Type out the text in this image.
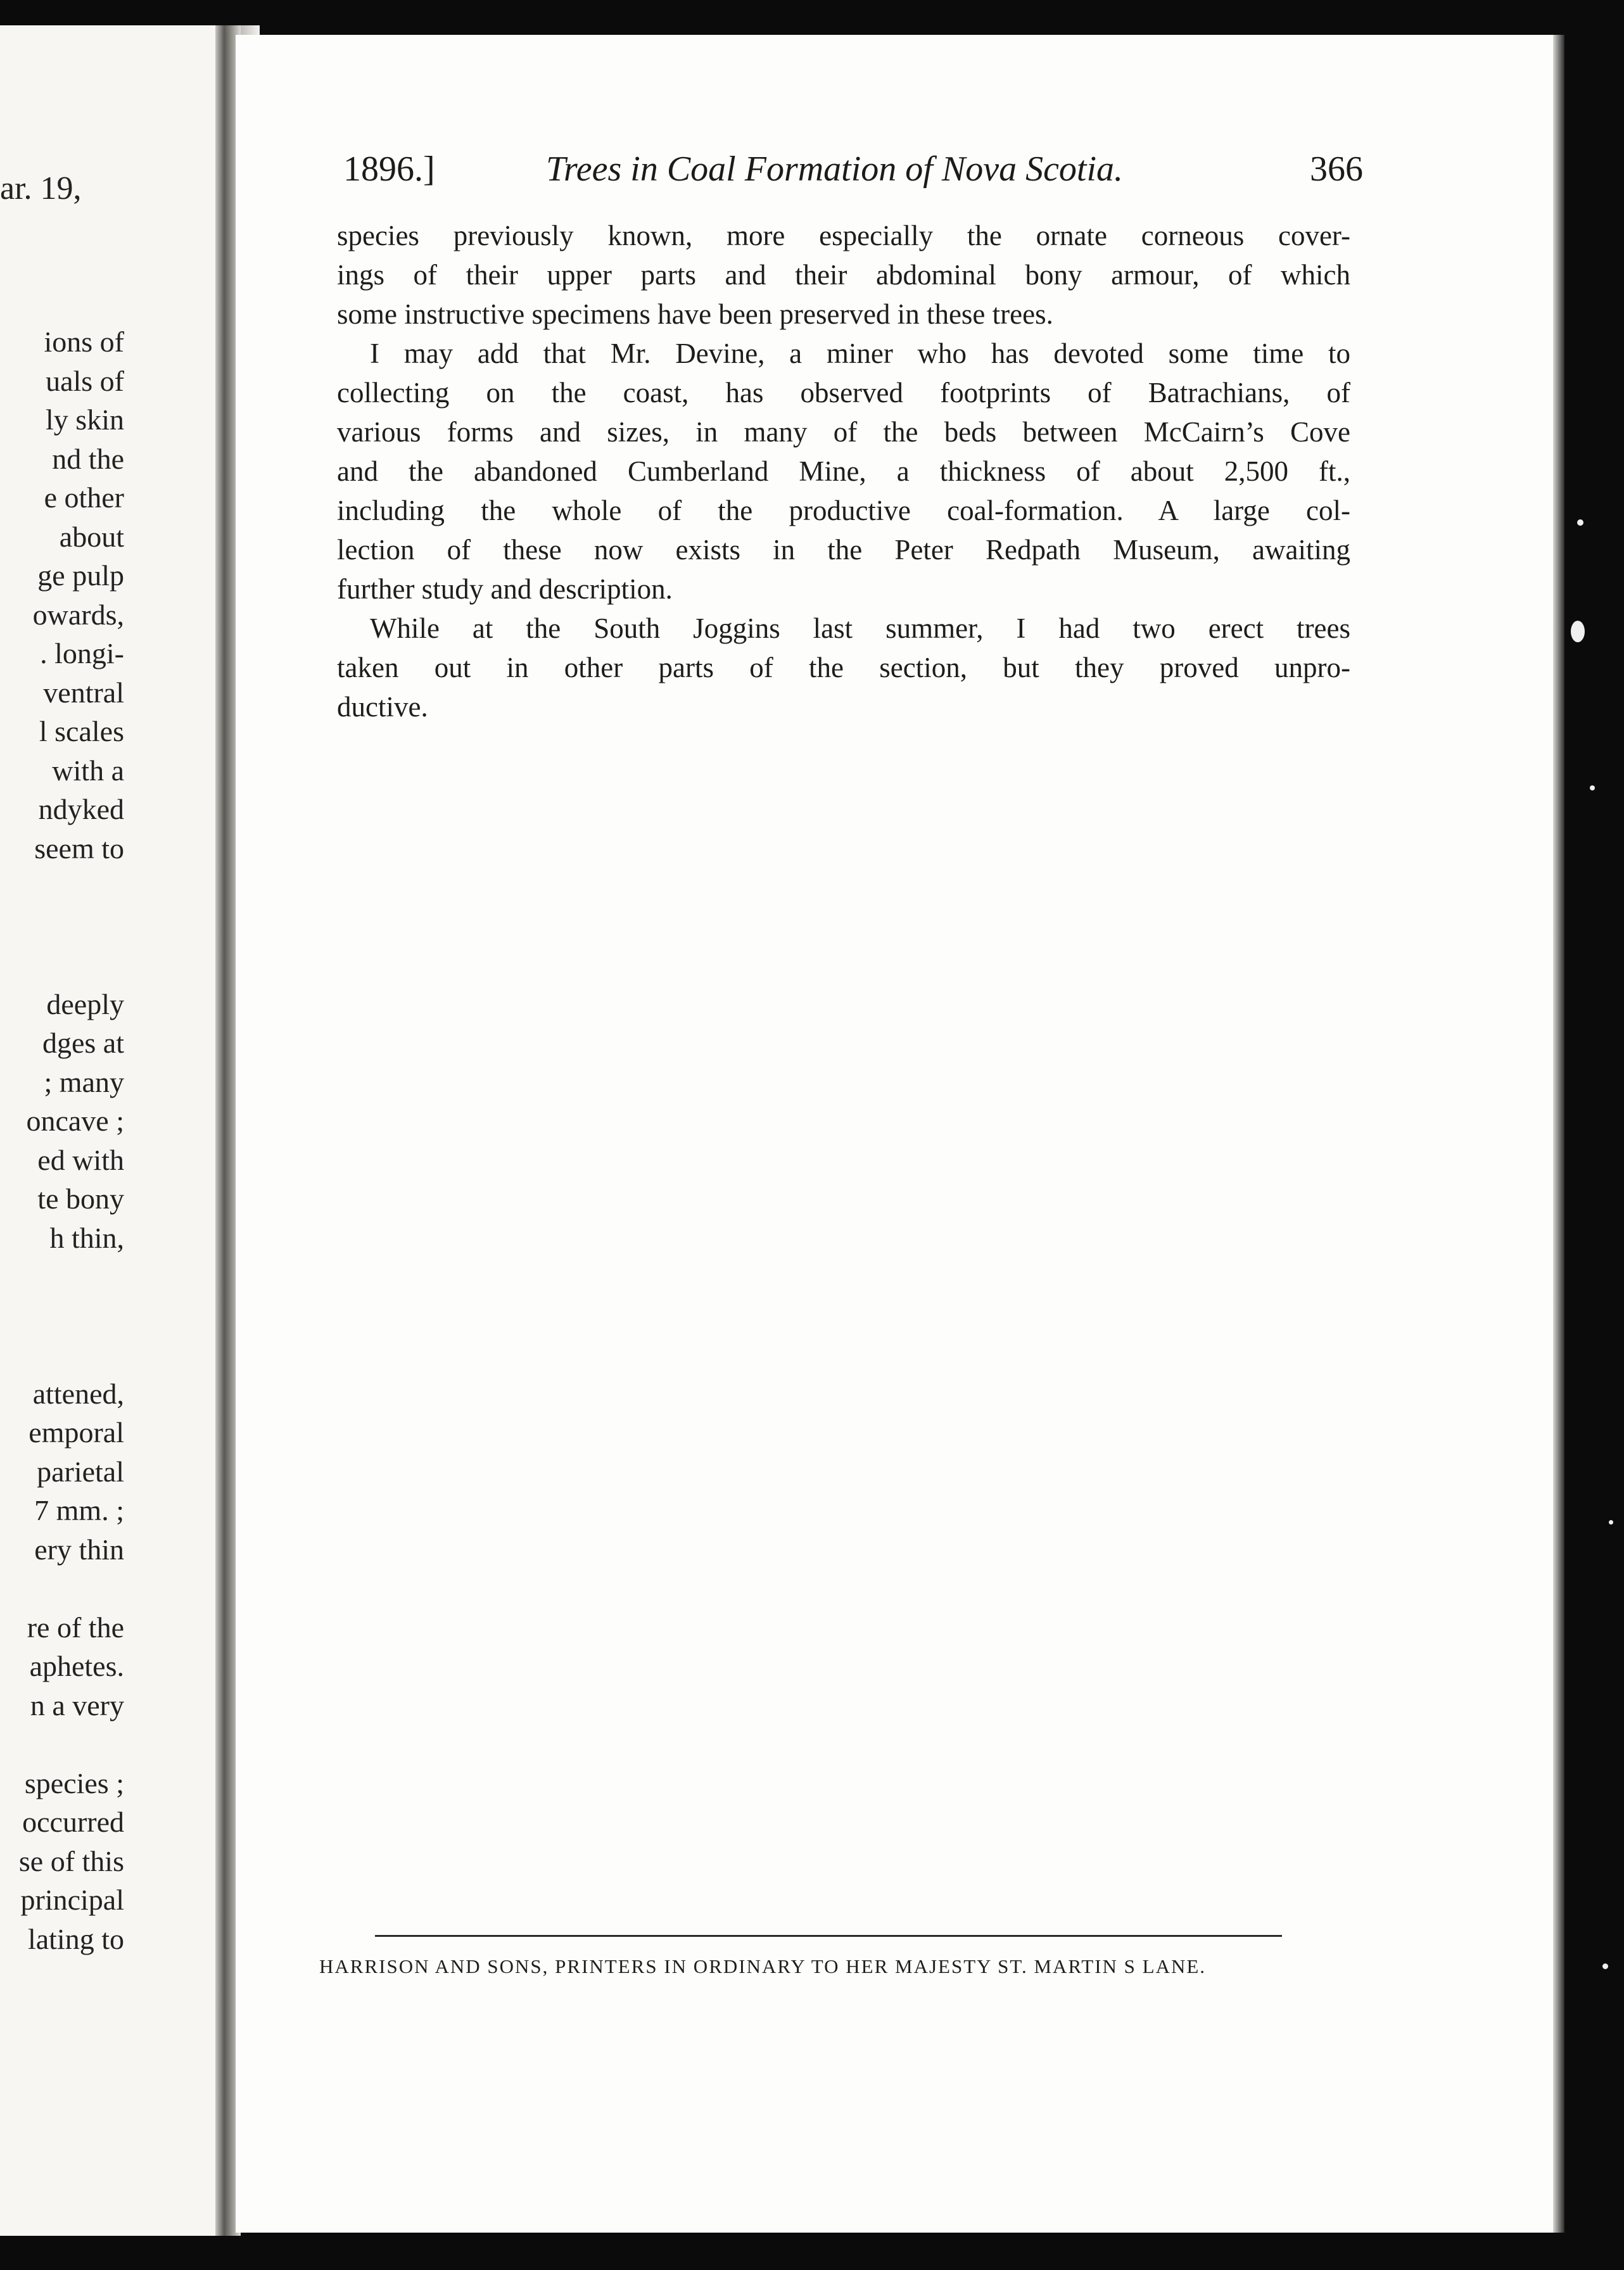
ar. 19,

ions of

uals of

ly skin

nd the

e other

about

ge pulp

owards,

. longi-

ventral

l scales

with a

ndyked

seem to

deeply

dges at

; many

oncave ;

ed with

te bony

h thin,

attened,

emporal

parietal

7 mm. ;

ery thin

re of the

aphetes.

n a very

species ;

occurred

se of this

principal

lating to

1896.]	Trees in Coal Formation of Nova Scotia.	366

species previously known, more especially the ornate corneous cover-

ings of their upper parts and their abdominal bony armour, of which

some instructive specimens have been preserved in these trees.

I may add that Mr. Devine, a miner who has devoted some time to

collecting on the coast, has observed footprints of Batrachians, of

various forms and sizes, in many of the beds between McCairn’s Cove

and the abandoned Cumberland Mine, a thickness of about 2,500 ft.,

including the whole of the productive coal-formation. A large col-

lection of these now exists in the Peter Redpath Museum, awaiting

further study and description.

While at the South Joggins last summer, I had two erect trees

taken out in other parts of the section, but they proved unpro-

ductive.

HARRISON AND SONS, PRINTERS IN ORDINARY TO HER MAJESTY ST. MARTIN S LANE.
